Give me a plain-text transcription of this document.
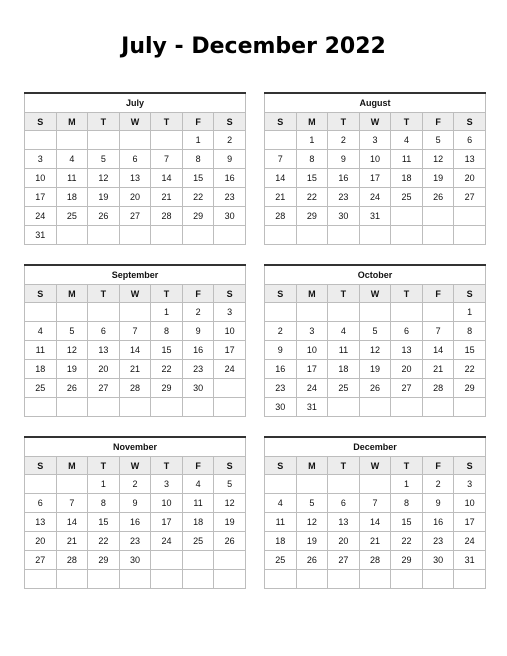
July - December 2022
July						
S	M	T	W	T	F	S
					1	2
3	4	5	6	7	8	9
10	11	12	13	14	15	16
17	18	19	20	21	22	23
24	25	26	27	28	29	30
31						
August						
S	M	T	W	T	F	S
	1	2	3	4	5	6
7	8	9	10	11	12	13
14	15	16	17	18	19	20
21	22	23	24	25	26	27
28	29	30	31			

September						
S	M	T	W	T	F	S
				1	2	3
4	5	6	7	8	9	10
11	12	13	14	15	16	17
18	19	20	21	22	23	24
25	26	27	28	29	30	

October						
S	M	T	W	T	F	S
						1
2	3	4	5	6	7	8
9	10	11	12	13	14	15
16	17	18	19	20	21	22
23	24	25	26	27	28	29
30	31					
November						
S	M	T	W	T	F	S
		1	2	3	4	5
6	7	8	9	10	11	12
13	14	15	16	17	18	19
20	21	22	23	24	25	26
27	28	29	30			

December						
S	M	T	W	T	F	S
				1	2	3
4	5	6	7	8	9	10
11	12	13	14	15	16	17
18	19	20	21	22	23	24
25	26	27	28	29	30	31
